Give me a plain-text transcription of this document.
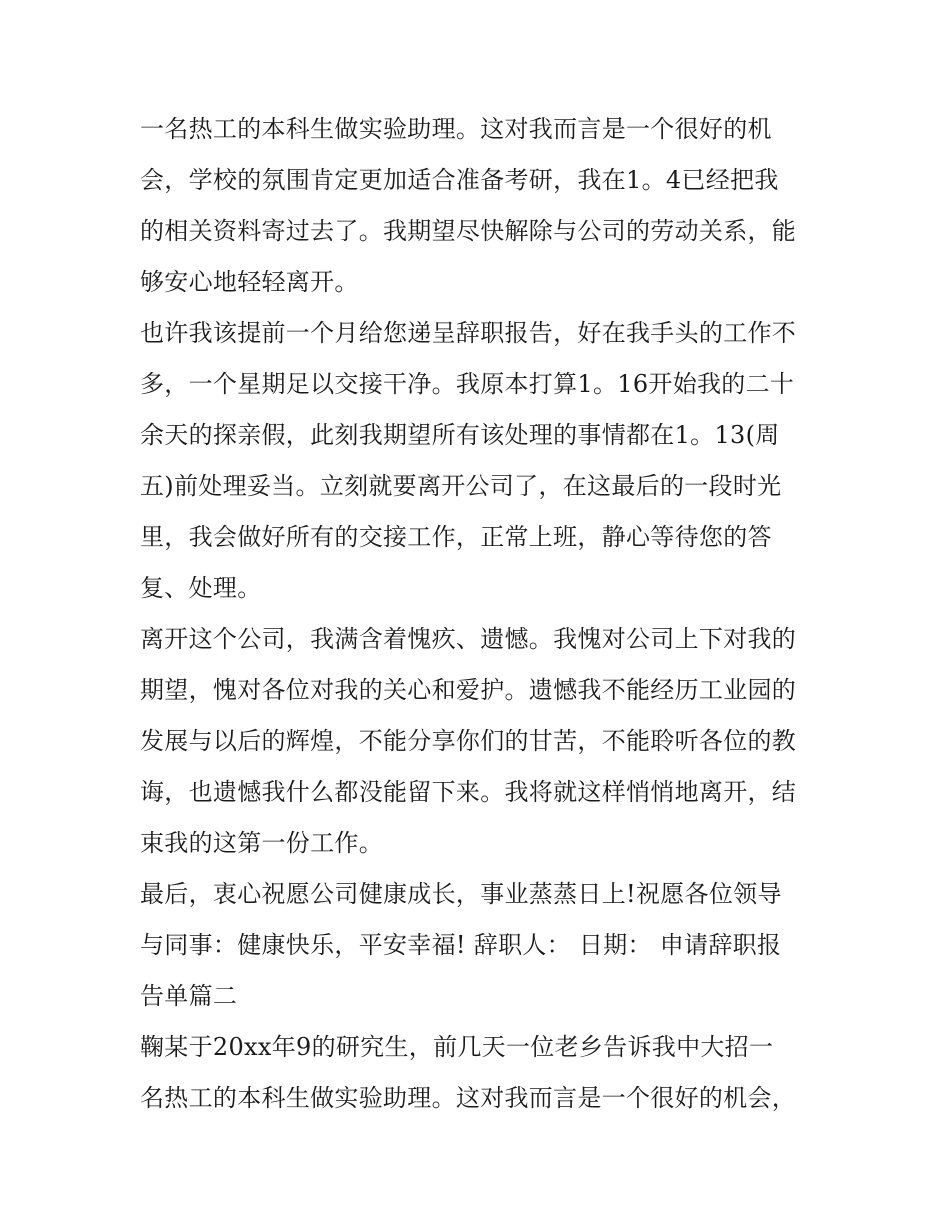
一名热工的本科生做实验助理。这对我而言是一个很好的机

会，学校的氛围肯定更加适合准备考研，我在1。4已经把我

的相关资料寄过去了。我期望尽快解除与公司的劳动关系，能

够安心地轻轻离开。

也许我该提前一个月给您递呈辞职报告，好在我手头的工作不

多，一个星期足以交接干净。我原本打算1。16开始我的二十

余天的探亲假，此刻我期望所有该处理的事情都在1。13(周

五)前处理妥当。立刻就要离开公司了，在这最后的一段时光

里，我会做好所有的交接工作，正常上班，静心等待您的答

复、处理。

离开这个公司，我满含着愧疚、遗憾。我愧对公司上下对我的

期望，愧对各位对我的关心和爱护。遗憾我不能经历工业园的

发展与以后的辉煌，不能分享你们的甘苦，不能聆听各位的教

诲，也遗憾我什么都没能留下来。我将就这样悄悄地离开，结

束我的这第一份工作。

最后，衷心祝愿公司健康成长，事业蒸蒸日上!祝愿各位领导

与同事：健康快乐，平安幸福! 辞职人： 日期： 申请辞职报

告单篇二

鞠某于20xx年9的研究生，前几天一位老乡告诉我中大招一

名热工的本科生做实验助理。这对我而言是一个很好的机会，
